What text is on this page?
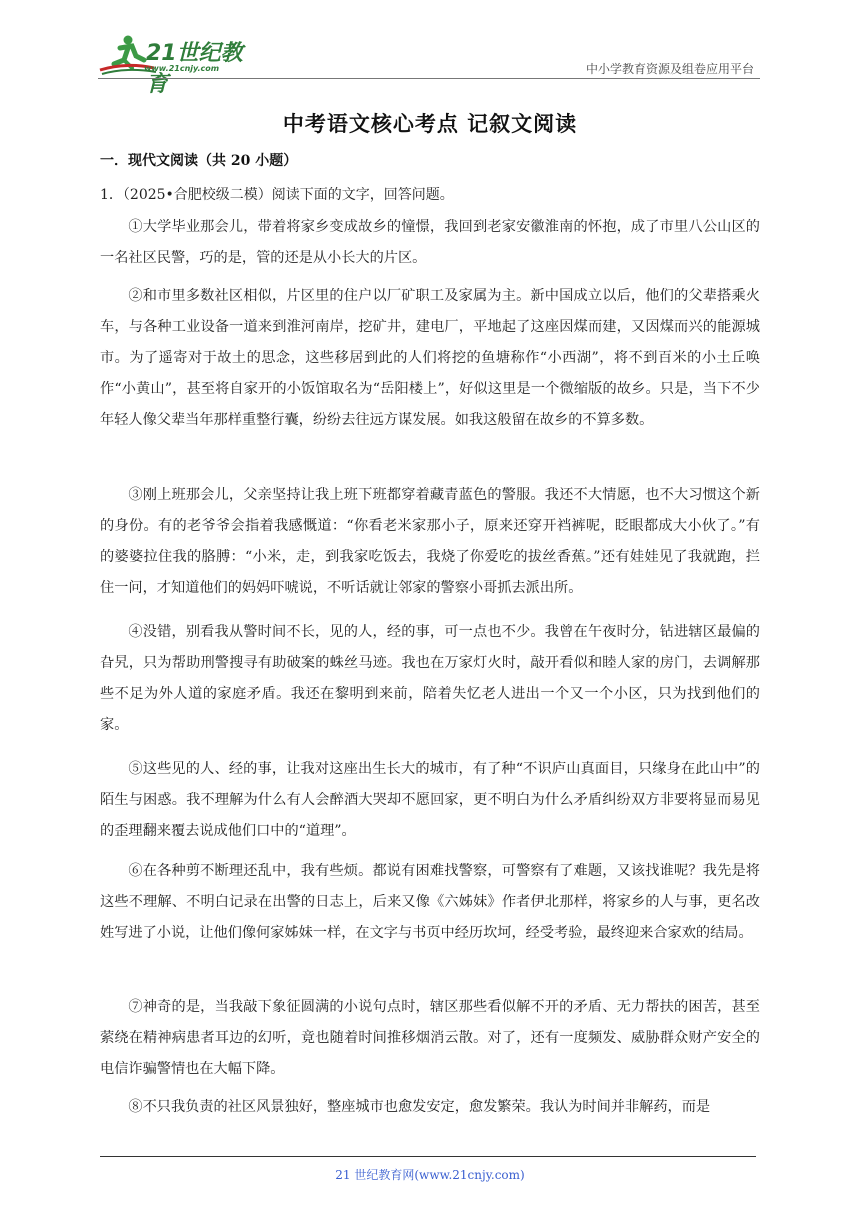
21世纪教育
www.21cnjy.com	中小学教育资源及组卷应用平台
中考语文核心考点 记叙文阅读
一．现代文阅读（共 20 小题）
1．（2025•合肥校级二模）阅读下面的文字，回答问题。

①大学毕业那会儿，带着将家乡变成故乡的憧憬，我回到老家安徽淮南的怀抱，成了市里八公山区的一名社区民警，巧的是，管的还是从小长大的片区。

②和市里多数社区相似，片区里的住户以厂矿职工及家属为主。新中国成立以后，他们的父辈搭乘火车，与各种工业设备一道来到淮河南岸，挖矿井，建电厂，平地起了这座因煤而建，又因煤而兴的能源城市。为了遥寄对于故土的思念，这些移居到此的人们将挖的鱼塘称作“小西湖”，将不到百米的小土丘唤作“小黄山”，甚至将自家开的小饭馆取名为“岳阳楼上”，好似这里是一个微缩版的故乡。只是，当下不少年轻人像父辈当年那样重整行囊，纷纷去往远方谋发展。如我这般留在故乡的不算多数。

③刚上班那会儿，父亲坚持让我上班下班都穿着藏青蓝色的警服。我还不大情愿，也不大习惯这个新的身份。有的老爷爷会指着我感慨道：“你看老米家那小子，原来还穿开裆裤呢，眨眼都成大小伙了。”有的婆婆拉住我的胳膊：“小米，走，到我家吃饭去，我烧了你爱吃的拔丝香蕉。”还有娃娃见了我就跑，拦住一问，才知道他们的妈妈吓唬说，不听话就让邻家的警察小哥抓去派出所。

④没错，别看我从警时间不长，见的人，经的事，可一点也不少。我曾在午夜时分，钻进辖区最偏的旮旯，只为帮助刑警搜寻有助破案的蛛丝马迹。我也在万家灯火时，敲开看似和睦人家的房门，去调解那些不足为外人道的家庭矛盾。我还在黎明到来前，陪着失忆老人进出一个又一个小区，只为找到他们的家。

⑤这些见的人、经的事，让我对这座出生长大的城市，有了种“不识庐山真面目，只缘身在此山中”的陌生与困惑。我不理解为什么有人会醉酒大哭却不愿回家，更不明白为什么矛盾纠纷双方非要将显而易见的歪理翻来覆去说成他们口中的“道理”。

⑥在各种剪不断理还乱中，我有些烦。都说有困难找警察，可警察有了难题，又该找谁呢？我先是将这些不理解、不明白记录在出警的日志上，后来又像《六姊妹》作者伊北那样，将家乡的人与事，更名改姓写进了小说，让他们像何家姊妹一样，在文字与书页中经历坎坷，经受考验，最终迎来合家欢的结局。

⑦神奇的是，当我敲下象征圆满的小说句点时，辖区那些看似解不开的矛盾、无力帮扶的困苦，甚至萦绕在精神病患者耳边的幻听，竟也随着时间推移烟消云散。对了，还有一度频发、威胁群众财产安全的电信诈骗警情也在大幅下降。

⑧不只我负责的社区风景独好，整座城市也愈发安定，愈发繁荣。我认为时间并非解药，而是

21 世纪教育网(www.21cnjy.com)
